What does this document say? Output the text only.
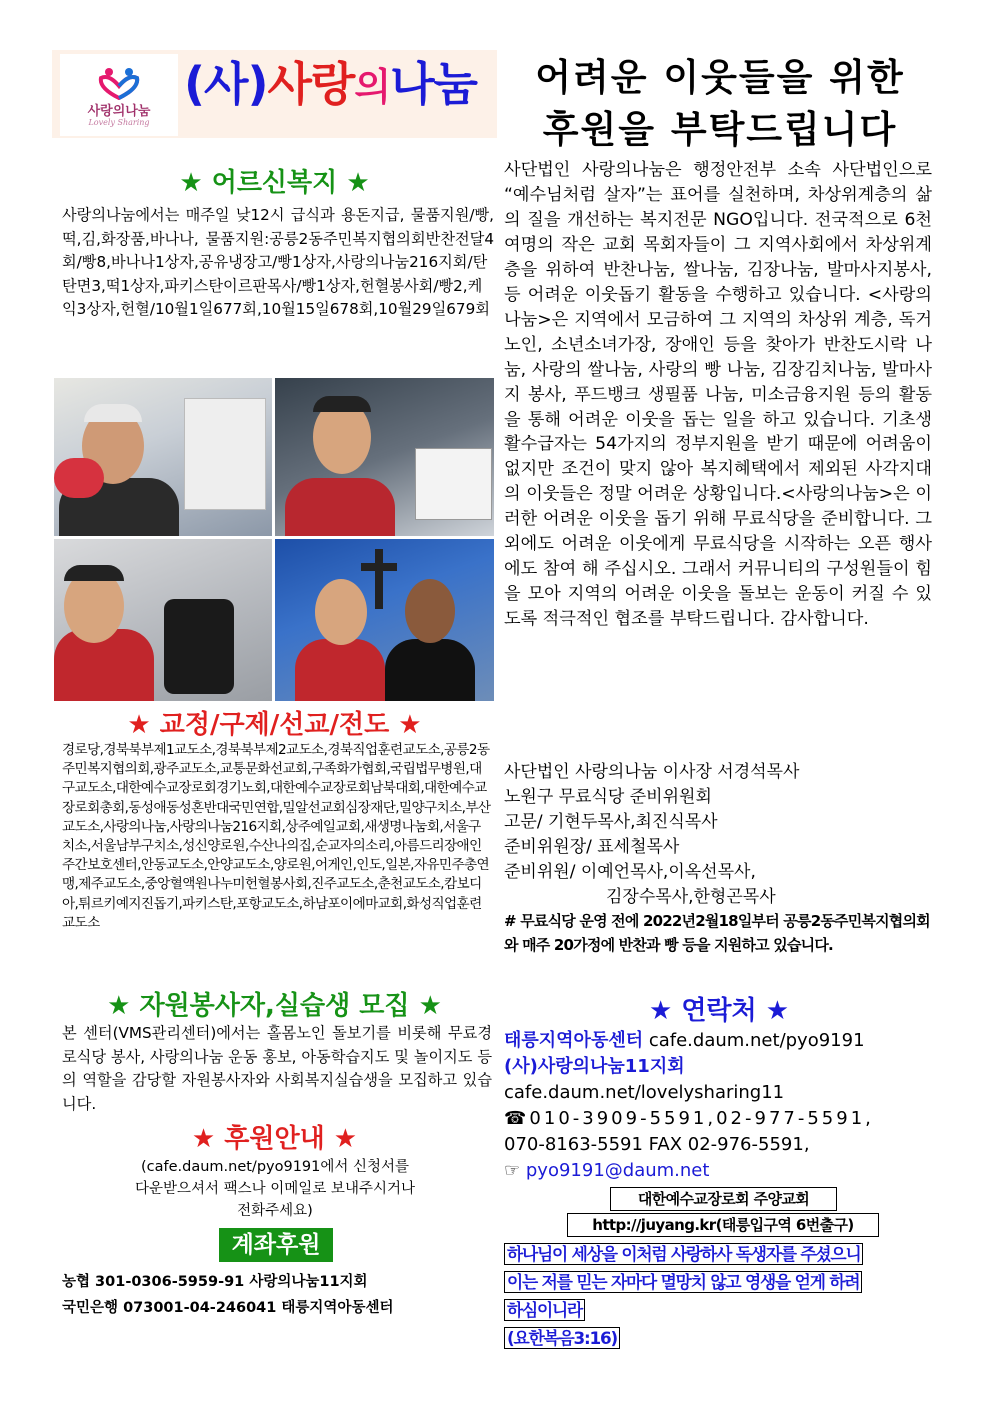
사랑의나눔
Lovely Sharing
(사)사랑의나눔	어려운 이웃들을 위한
후원을 부탁드립니다
★ 어르신복지 ★
사랑의나눔에서는 매주일 낮12시 급식과 용돈지급, 물품지원/빵,떡,김,화장품,바나나, 물품지원:공릉2동주민복지협의회반찬전달4회/빵8,바나나1상자,공유냉장고/빵1상자,사랑의나눔216지회/탄탄면3,떡1상자,파키스탄이르판목사/빵1상자,헌혈봉사회/빵2,케익3상자,헌혈/10월1일677회,10월15일678회,10월29일679회
★ 교정/구제/선교/전도 ★
경로당,경북북부제1교도소,경북북부제2교도소,경북직업훈련교도소,공릉2동주민복지협의회,광주교도소,교통문화선교회,구족화가협회,국립법무병원,대구교도소,대한예수교장로회경기노회,대한예수교장로회남북대회,대한예수교장로회총회,동성애동성혼반대국민연합,밀알선교회심장재단,밀양구치소,부산교도소,사랑의나눔,사랑의나눔216지회,상주예일교회,새생명나눔회,서울구치소,서울남부구치소,성신양로원,수산나의집,순교자의소리,아름드리장애인주간보호센터,안동교도소,안양교도소,양로원,어게인,인도,일본,자유민주총연맹,제주교도소,중앙혈액원나누미헌혈봉사회,진주교도소,춘천교도소,캄보디아,튀르키예지진돕기,파키스탄,포항교도소,하남포이에마교회,화성직업훈련교도소
★ 자원봉사자,실습생 모집 ★
본 센터(VMS관리센터)에서는 홀몸노인 돌보기를 비롯해 무료경로식당 봉사, 사랑의나눔 운동 홍보, 아동학습지도 및 놀이지도 등의 역할을 감당할 자원봉사자와 사회복지실습생을 모집하고 있습니다.
★ 후원안내 ★
(cafe.daum.net/pyo9191에서 신청서를
다운받으셔서 팩스나 이메일로 보내주시거나
전화주세요)
계좌후원
농협 301-0306-5959-91 사랑의나눔11지회
국민은행 073001-04-246041 태릉지역아동센터
사단법인 사랑의나눔은 행정안전부 소속 사단법인으로 “예수님처럼 살자”는 표어를 실천하며, 차상위계층의 삶의 질을 개선하는 복지전문 NGO입니다. 전국적으로 6천여명의 작은 교회 목회자들이 그 지역사회에서 차상위계층을 위하여 반찬나눔, 쌀나눔, 김장나눔, 발마사지봉사,등 어려운 이웃돕기 활동을 수행하고 있습니다. <사랑의나눔>은 지역에서 모금하여 그 지역의 차상위 계층, 독거노인, 소년소녀가장, 장애인 등을 찾아가 반찬도시락 나눔, 사랑의 쌀나눔, 사랑의 빵 나눔, 김장김치나눔, 발마사지 봉사, 푸드뱅크 생필품 나눔, 미소금융지원 등의 활동을 통해 어려운 이웃을 돕는 일을 하고 있습니다. 기초생활수급자는 54가지의 정부지원을 받기 때문에 어려움이 없지만 조건이 맞지 않아 복지혜택에서 제외된 사각지대의 이웃들은 정말 어려운 상황입니다.<사랑의나눔>은 이러한 어려운 이웃을 돕기 위해 무료식당을 준비합니다. 그 외에도 어려운 이웃에게 무료식당을 시작하는 오픈 행사에도 참여 해 주십시오. 그래서 커뮤니티의 구성원들이 힘을 모아 지역의 어려운 이웃을 돌보는 운동이 커질 수 있도록 적극적인 협조를 부탁드립니다. 감사합니다.
사단법인 사랑의나눔 이사장 서경석목사
노원구 무료식당 준비위원회
고문/ 기현두목사,최진식목사
준비위원장/ 표세철목사
준비위원/ 이예언목사,이옥선목사,
김장수목사,한형곤목사
# 무료식당 운영 전에 2022년2월18일부터 공릉2동주민복지협의회와 매주 20가정에 반찬과 빵 등을 지원하고 있습니다.
★ 연락처 ★
태릉지역아동센터 cafe.daum.net/pyo9191
(사)사랑의나눔11지회
cafe.daum.net/lovelysharing11
☎010-3909-5591,02-977-5591,
070-8163-5591 FAX 02-976-5591,
☞ pyo9191@daum.net
대한예수교장로회 주양교회
http://juyang.kr(태릉입구역 6번출구)
하나님이 세상을 이처럼 사랑하사 독생자를 주셨으니
이는 저를 믿는 자마다 멸망치 않고 영생을 얻게 하려
하심이니라
(요한복음3:16)
